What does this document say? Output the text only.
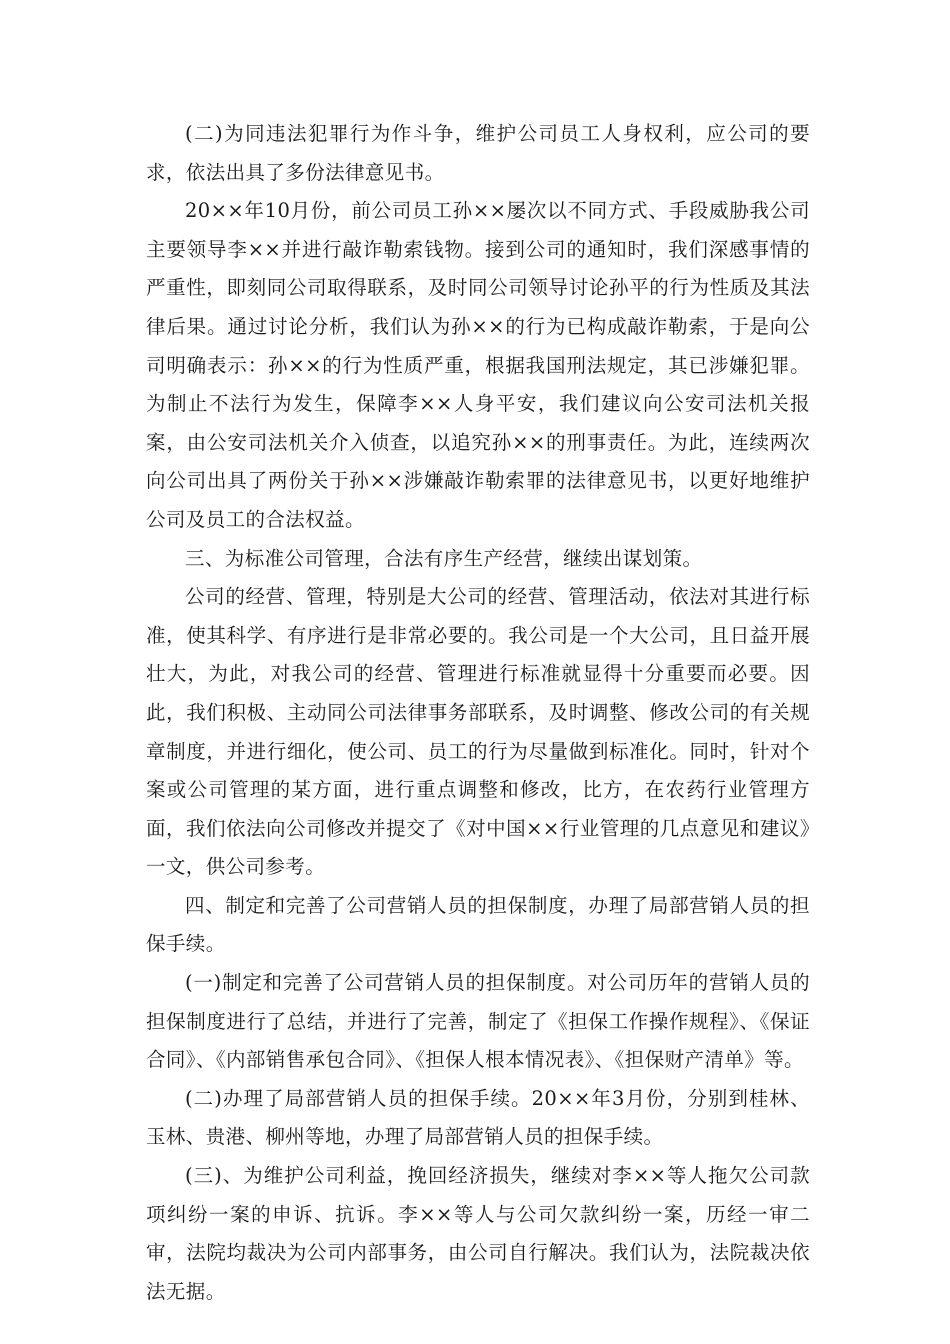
(二)为同违法犯罪行为作斗争，维护公司员工人身权利，应公司的要求，依法出具了多份法律意见书。

20××年10月份，前公司员工孙××屡次以不同方式、手段威胁我公司主要领导李××并进行敲诈勒索钱物。接到公司的通知时，我们深感事情的严重性，即刻同公司取得联系，及时同公司领导讨论孙平的行为性质及其法律后果。通过讨论分析，我们认为孙××的行为已构成敲诈勒索，于是向公司明确表示：孙××的行为性质严重，根据我国刑法规定，其已涉嫌犯罪。为制止不法行为发生，保障李××人身平安，我们建议向公安司法机关报案，由公安司法机关介入侦查，以追究孙××的刑事责任。为此，连续两次向公司出具了两份关于孙××涉嫌敲诈勒索罪的法律意见书，以更好地维护公司及员工的合法权益。

三、为标准公司管理，合法有序生产经营，继续出谋划策。

公司的经营、管理，特别是大公司的经营、管理活动，依法对其进行标准，使其科学、有序进行是非常必要的。我公司是一个大公司，且日益开展壮大，为此，对我公司的经营、管理进行标准就显得十分重要而必要。因此，我们积极、主动同公司法律事务部联系，及时调整、修改公司的有关规章制度，并进行细化，使公司、员工的行为尽量做到标准化。同时，针对个案或公司管理的某方面，进行重点调整和修改，比方，在农药行业管理方面，我们依法向公司修改并提交了《对中国××行业管理的几点意见和建议》一文，供公司参考。

四、制定和完善了公司营销人员的担保制度，办理了局部营销人员的担保手续。

(一)制定和完善了公司营销人员的担保制度。对公司历年的营销人员的担保制度进行了总结，并进行了完善，制定了《担保工作操作规程》、《保证合同》、《内部销售承包合同》、《担保人根本情况表》、《担保财产清单》等。

(二)办理了局部营销人员的担保手续。20××年3月份，分别到桂林、玉林、贵港、柳州等地，办理了局部营销人员的担保手续。

(三)、为维护公司利益，挽回经济损失，继续对李××等人拖欠公司款项纠纷一案的申诉、抗诉。李××等人与公司欠款纠纷一案，历经一审二审，法院均裁决为公司内部事务，由公司自行解决。我们认为，法院裁决依法无据。
